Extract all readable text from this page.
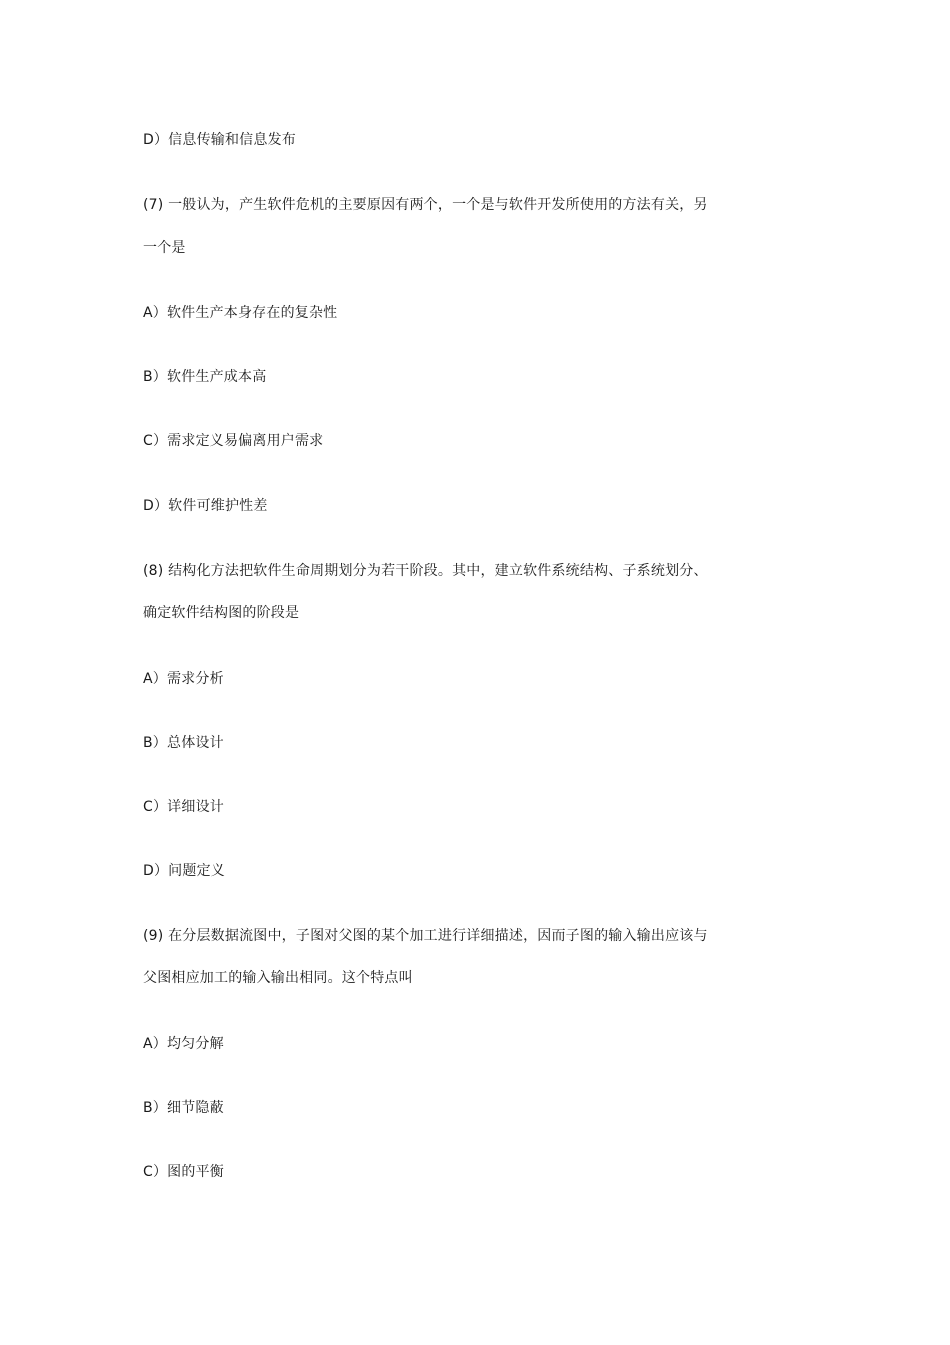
D）信息传输和信息发布
(7) 一般认为，产生软件危机的主要原因有两个，一个是与软件开发所使用的方法有关，另
一个是
A）软件生产本身存在的复杂性
B）软件生产成本高
C）需求定义易偏离用户需求
D）软件可维护性差
(8) 结构化方法把软件生命周期划分为若干阶段。其中，建立软件系统结构、子系统划分、
确定软件结构图的阶段是
A）需求分析
B）总体设计
C）详细设计
D）问题定义
(9) 在分层数据流图中，子图对父图的某个加工进行详细描述，因而子图的输入输出应该与
父图相应加工的输入输出相同。这个特点叫
A）均匀分解
B）细节隐蔽
C）图的平衡
